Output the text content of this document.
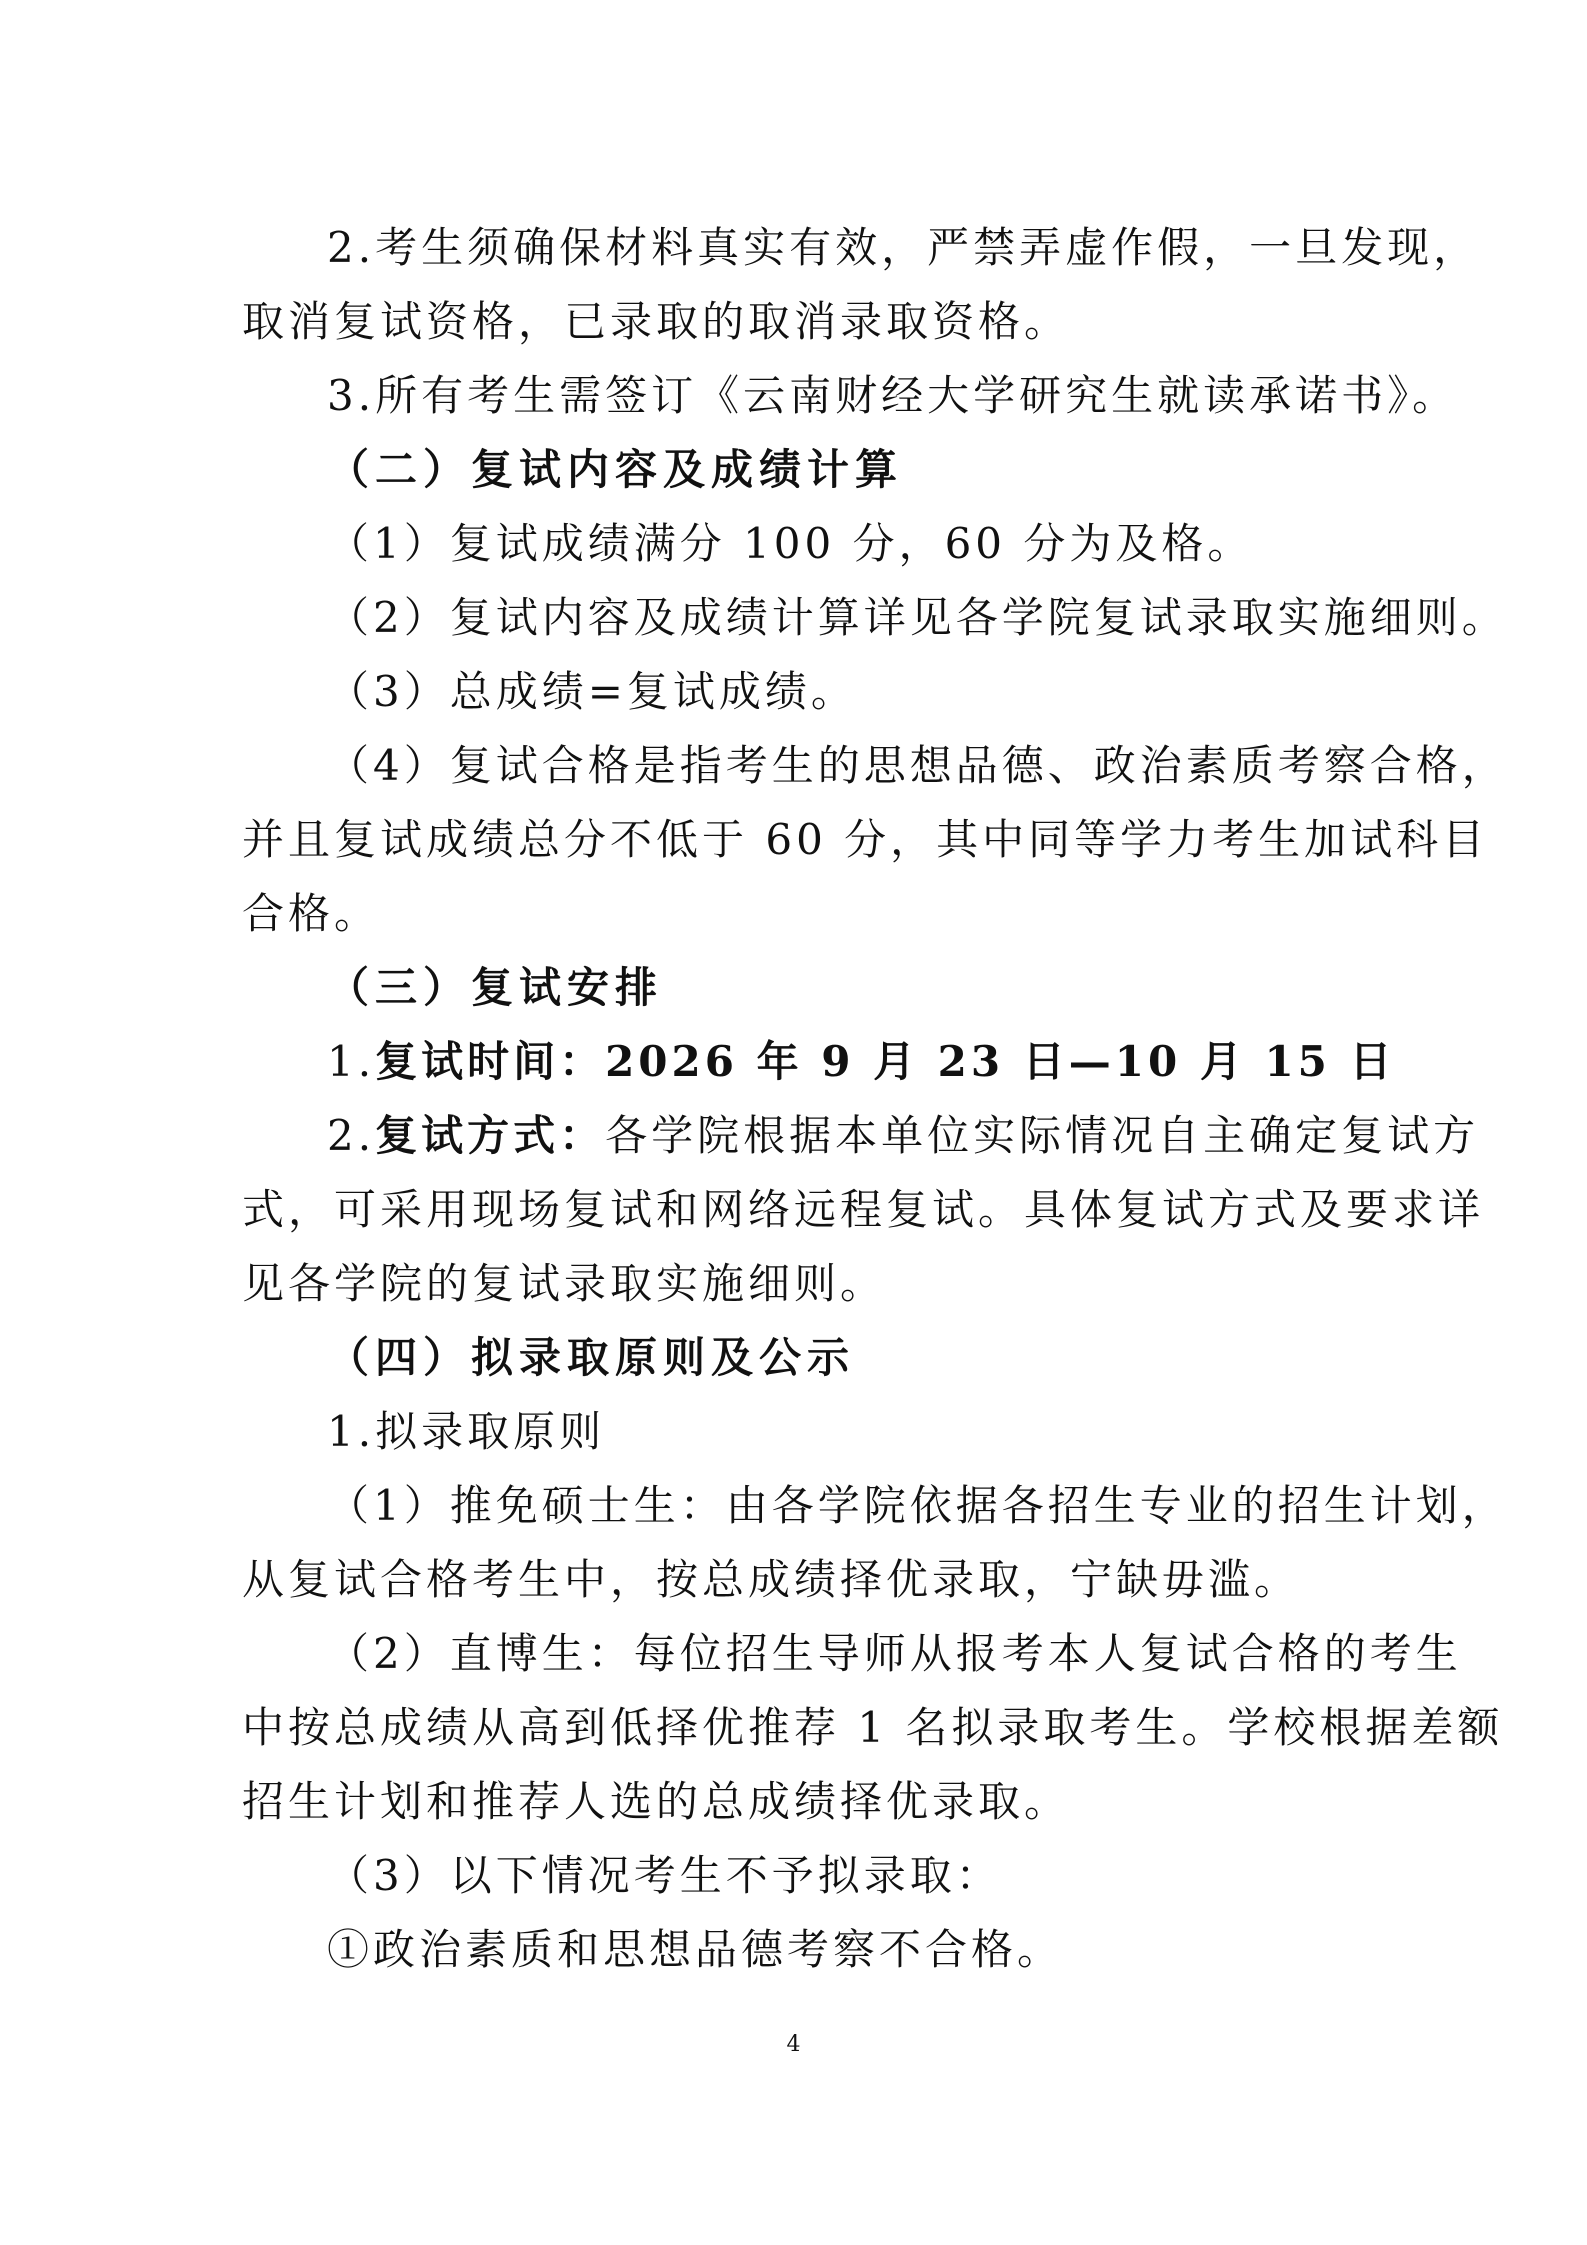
2.考生须确保材料真实有效，严禁弄虚作假，一旦发现，
取消复试资格，已录取的取消录取资格。
3.所有考生需签订《云南财经大学研究生就读承诺书》。
（二）复试内容及成绩计算
（1）复试成绩满分 100 分，60 分为及格。
（2）复试内容及成绩计算详见各学院复试录取实施细则。
（3）总成绩=复试成绩。
（4）复试合格是指考生的思想品德、政治素质考察合格，
并且复试成绩总分不低于 60 分，其中同等学力考生加试科目
合格。
（三）复试安排
1.复试时间：2026 年 9 月 23 日—10 月 15 日
2.复试方式：各学院根据本单位实际情况自主确定复试方
式，可采用现场复试和网络远程复试。具体复试方式及要求详
见各学院的复试录取实施细则。
（四）拟录取原则及公示
1.拟录取原则
（1）推免硕士生：由各学院依据各招生专业的招生计划，
从复试合格考生中，按总成绩择优录取，宁缺毋滥。
（2）直博生：每位招生导师从报考本人复试合格的考生
中按总成绩从高到低择优推荐 1 名拟录取考生。学校根据差额
招生计划和推荐人选的总成绩择优录取。
（3）以下情况考生不予拟录取：
①政治素质和思想品德考察不合格。
4
